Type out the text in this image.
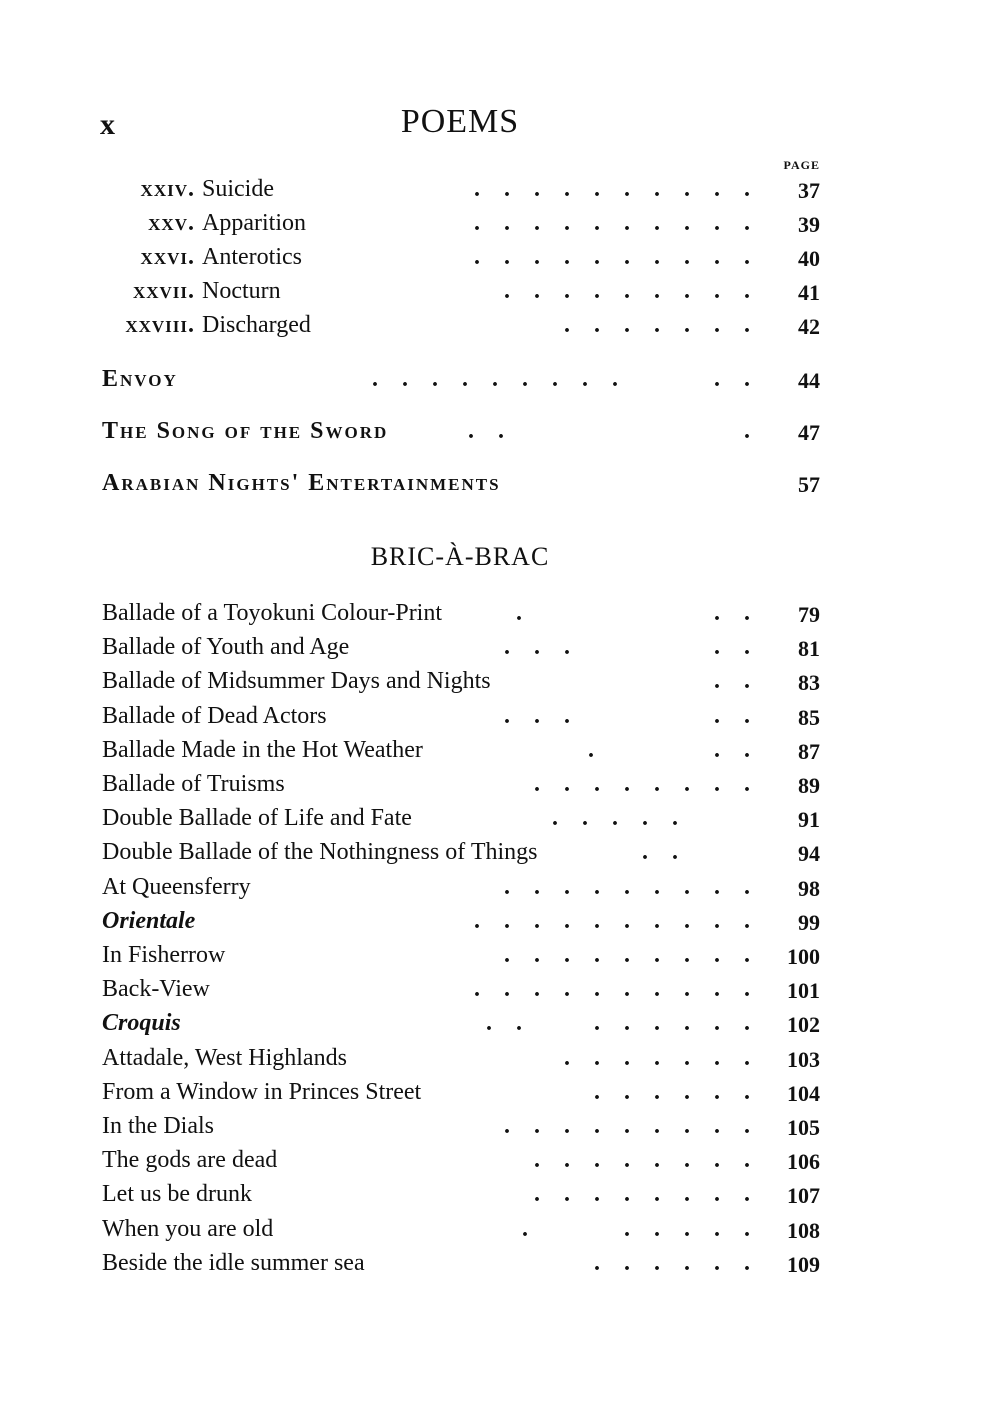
x	POEMS
PAGE
xxiv. Suicide	. . . . . . . . . .	37
xxv. Apparition	. . . . . . . . . .	39
xxvi. Anterotics	. . . . . . . . . .	40
xxvii. Nocturn	. . . . . . . . .	41
xxviii. Discharged	. . . . . . .	42
Envoy	. . . . . . . . .    . .	44
The Song of the Sword	. .          .	47
Arabian Nights' Entertainments	57
Ballade of a Toyokuni Colour-Print	.        . .	79
Ballade of Youth and Age	. . .      . .	81
Ballade of Midsummer Days and Nights	. .	83
Ballade of Dead Actors	. . .      . .	85
Ballade Made in the Hot Weather	.     . .	87
Ballade of Truisms	. . . . . . . .	89
Double Ballade of Life and Fate	. . . . .   	91
Double Ballade of the Nothingness of Things	. .   	94
At Queensferry	. . . . . . . . .	98
Orientale	. . . . . . . . . .	99
In Fisherrow	. . . . . . . . .	100
Back-View	. . . . . . . . . .	101
Croquis	. .   . . . . . .	102
Attadale, West Highlands	. . . . . . .	103
From a Window in Princes Street	. . . . . .	104
In the Dials	. . . . . . . . .	105
The gods are dead	. . . . . . . .	106
Let us be drunk	. . . . . . . .	107
When you are old	.    . . . . .	108
Beside the idle summer sea	. . . . . .	109
BRIC-À-BRAC
